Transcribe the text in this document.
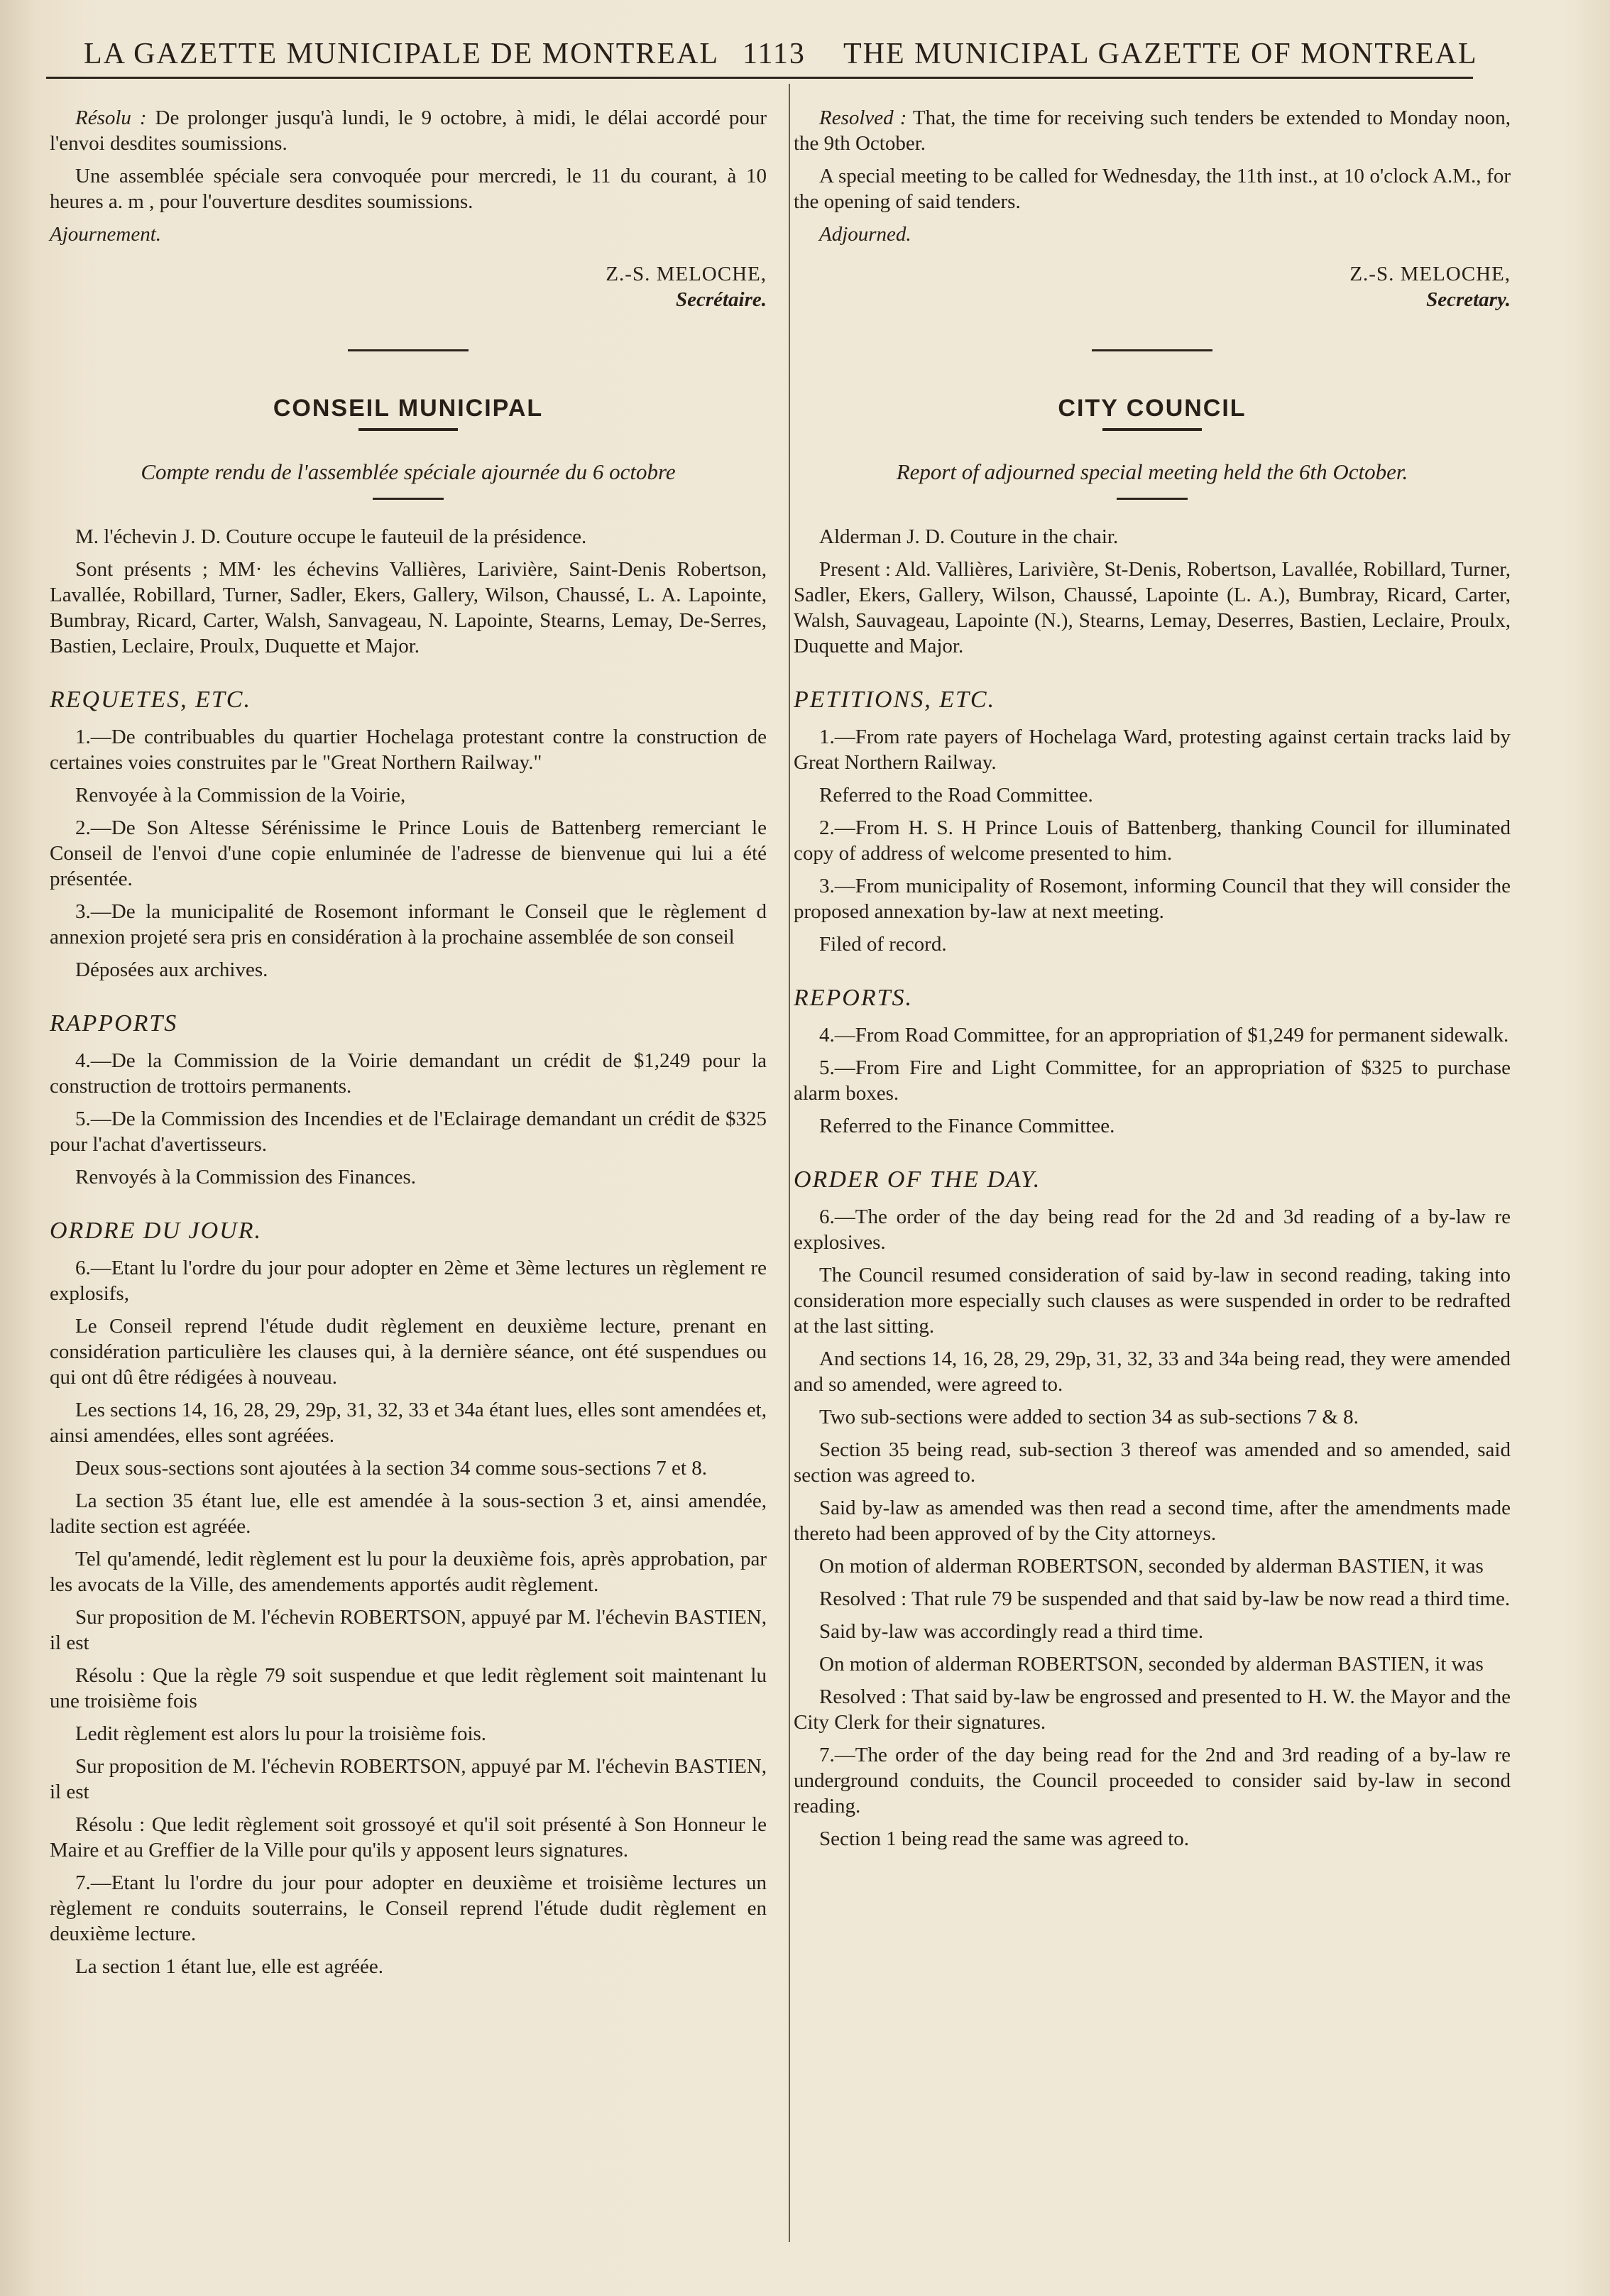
LA GAZETTE MUNICIPALE DE MONTREAL 1113 THE MUNICIPAL GAZETTE OF MONTREAL

Résolu : De prolonger jusqu'à lundi, le 9 octobre, à midi, le délai accordé pour l'envoi desdites soumissions.

Une assemblée spéciale sera convoquée pour mercredi, le 11 du courant, à 10 heures a. m , pour l'ouverture desdites soumissions.

Ajournement.

Z.-S. MELOCHE,
Secrétaire.
CONSEIL MUNICIPAL
Compte rendu de l'assemblée spéciale ajournée du 6 octobre

M. l'échevin J. D. Couture occupe le fauteuil de la présidence.

Sont présents ; MM· les échevins Vallières, Larivière, Saint-Denis Robertson, Lavallée, Robillard, Turner, Sadler, Ekers, Gallery, Wilson, Chaussé, L. A. Lapointe, Bumbray, Ricard, Carter, Walsh, Sanvageau, N. Lapointe, Stearns, Lemay, De-Serres, Bastien, Leclaire, Proulx, Duquette et Major.

REQUETES, ETC.

1.—De contribuables du quartier Hochelaga protestant contre la construction de certaines voies construites par le "Great Northern Railway."

Renvoyée à la Commission de la Voirie,

2.—De Son Altesse Sérénissime le Prince Louis de Battenberg remerciant le Conseil de l'envoi d'une copie enluminée de l'adresse de bienvenue qui lui a été présentée.

3.—De la municipalité de Rosemont informant le Conseil que le règlement d annexion projeté sera pris en considération à la prochaine assemblée de son conseil

Déposées aux archives.

RAPPORTS

4.—De la Commission de la Voirie demandant un crédit de $1,249 pour la construction de trottoirs permanents.

5.—De la Commission des Incendies et de l'Eclairage demandant un crédit de $325 pour l'achat d'avertisseurs.

Renvoyés à la Commission des Finances.

ORDRE DU JOUR.

6.—Etant lu l'ordre du jour pour adopter en 2ème et 3ème lectures un règlement re explosifs,

Le Conseil reprend l'étude dudit règlement en deuxième lecture, prenant en considération particulière les clauses qui, à la dernière séance, ont été suspendues ou qui ont dû être rédigées à nouveau.

Les sections 14, 16, 28, 29, 29p, 31, 32, 33 et 34a étant lues, elles sont amendées et, ainsi amendées, elles sont agréées.

Deux sous-sections sont ajoutées à la section 34 comme sous-sections 7 et 8.

La section 35 étant lue, elle est amendée à la sous-section 3 et, ainsi amendée, ladite section est agréée.

Tel qu'amendé, ledit règlement est lu pour la deuxième fois, après approbation, par les avocats de la Ville, des amendements apportés audit règlement.

Sur proposition de M. l'échevin ROBERTSON, appuyé par M. l'échevin BASTIEN, il est

Résolu : Que la règle 79 soit suspendue et que ledit règlement soit maintenant lu une troisième fois

Ledit règlement est alors lu pour la troisième fois.

Sur proposition de M. l'échevin ROBERTSON, appuyé par M. l'échevin BASTIEN, il est

Résolu : Que ledit règlement soit grossoyé et qu'il soit présenté à Son Honneur le Maire et au Greffier de la Ville pour qu'ils y apposent leurs signatures.

7.—Etant lu l'ordre du jour pour adopter en deuxième et troisième lectures un règlement re conduits souterrains, le Conseil reprend l'étude dudit règlement en deuxième lecture.

La section 1 étant lue, elle est agréée.

Resolved : That, the time for receiving such tenders be extended to Monday noon, the 9th October.

A special meeting to be called for Wednesday, the 11th inst., at 10 o'clock A.M., for the opening of said tenders.

Adjourned.

Z.-S. MELOCHE,
Secretary.
CITY COUNCIL
Report of adjourned special meeting held the 6th October.

Alderman J. D. Couture in the chair.

Present : Ald. Vallières, Larivière, St-Denis, Robertson, Lavallée, Robillard, Turner, Sadler, Ekers, Gallery, Wilson, Chaussé, Lapointe (L. A.), Bumbray, Ricard, Carter, Walsh, Sauvageau, Lapointe (N.), Stearns, Lemay, Deserres, Bastien, Leclaire, Proulx, Duquette and Major.

PETITIONS, ETC.

1.—From rate payers of Hochelaga Ward, protesting against certain tracks laid by Great Northern Railway.

Referred to the Road Committee.

2.—From H. S. H Prince Louis of Battenberg, thanking Council for illuminated copy of address of welcome presented to him.

3.—From municipality of Rosemont, informing Council that they will consider the proposed annexation by-law at next meeting.

Filed of record.

REPORTS.

4.—From Road Committee, for an appropriation of $1,249 for permanent sidewalk.

5.—From Fire and Light Committee, for an appropriation of $325 to purchase alarm boxes.

Referred to the Finance Committee.

ORDER OF THE DAY.

6.—The order of the day being read for the 2d and 3d reading of a by-law re explosives.

The Council resumed consideration of said by-law in second reading, taking into consideration more especially such clauses as were suspended in order to be redrafted at the last sitting.

And sections 14, 16, 28, 29, 29p, 31, 32, 33 and 34a being read, they were amended and so amended, were agreed to.

Two sub-sections were added to section 34 as sub-sections 7 & 8.

Section 35 being read, sub-section 3 thereof was amended and so amended, said section was agreed to.

Said by-law as amended was then read a second time, after the amendments made thereto had been approved of by the City attorneys.

On motion of alderman ROBERTSON, seconded by alderman BASTIEN, it was

Resolved : That rule 79 be suspended and that said by-law be now read a third time.

Said by-law was accordingly read a third time.

On motion of alderman ROBERTSON, seconded by alderman BASTIEN, it was

Resolved : That said by-law be engrossed and presented to H. W. the Mayor and the City Clerk for their signatures.

7.—The order of the day being read for the 2nd and 3rd reading of a by-law re underground conduits, the Council proceeded to consider said by-law in second reading.

Section 1 being read the same was agreed to.
